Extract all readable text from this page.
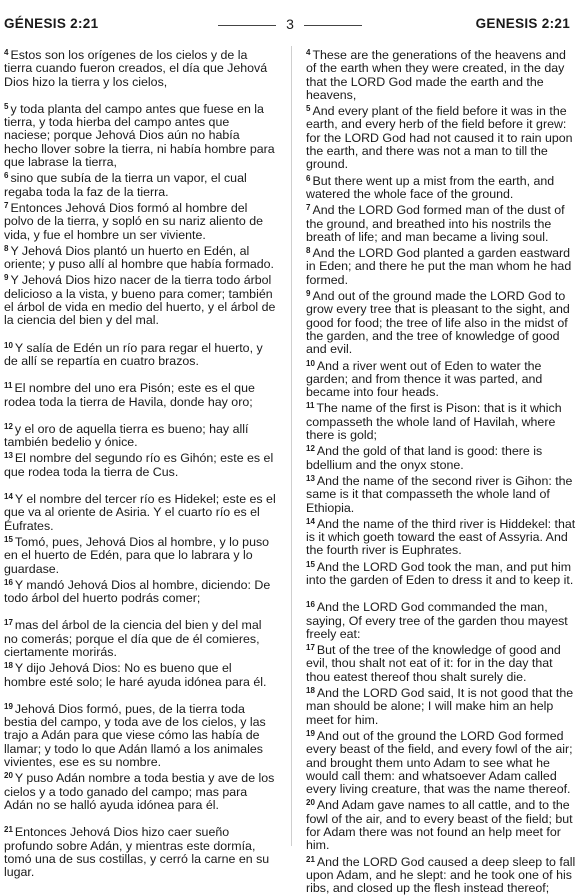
GÉNESIS 2:21	3	GENESIS 2:21

$^4$ Estos son los orígenes de los cielos y de la tierra cuando fueron creados, el día que Jehová Dios hizo la tierra y los cielos,

$^5$ y toda planta del campo antes que fuese en la tierra, y toda hierba del campo antes que naciese; porque Jehová Dios aún no había hecho llover sobre la tierra, ni había hombre para que labrase la tierra,

$^6$ sino que subía de la tierra un vapor, el cual regaba toda la faz de la tierra.

$^7$ Entonces Jehová Dios formó al hombre del polvo de la tierra, y sopló en su nariz aliento de vida, y fue el hombre un ser viviente.

$^8$ Y Jehová Dios plantó un huerto en Edén, al oriente; y puso allí al hombre que había formado.

$^9$ Y Jehová Dios hizo nacer de la tierra todo árbol delicioso a la vista, y bueno para comer; también el árbol de vida en medio del huerto, y el árbol de la ciencia del bien y del mal.

$^{10}$ Y salía de Edén un río para regar el huerto, y de allí se repartía en cuatro brazos.

$^{11}$ El nombre del uno era Pisón; este es el que rodea toda la tierra de Havila, donde hay oro;

$^{12}$ y el oro de aquella tierra es bueno; hay allí también bedelio y ónice.

$^{13}$ El nombre del segundo río es Gihón; este es el que rodea toda la tierra de Cus.

$^{14}$ Y el nombre del tercer río es Hidekel; este es el que va al oriente de Asiria. Y el cuarto río es el Éufrates.

$^{15}$ Tomó, pues, Jehová Dios al hombre, y lo puso en el huerto de Edén, para que lo labrara y lo guardase.

$^{16}$ Y mandó Jehová Dios al hombre, diciendo: De todo árbol del huerto podrás comer;

$^{17}$ mas del árbol de la ciencia del bien y del mal no comerás; porque el día que de él comieres, ciertamente morirás.

$^{18}$ Y dijo Jehová Dios: No es bueno que el hombre esté solo; le haré ayuda idónea para él.

$^{19}$ Jehová Dios formó, pues, de la tierra toda bestia del campo, y toda ave de los cielos, y las trajo a Adán para que viese cómo las había de llamar; y todo lo que Adán llamó a los animales vivientes, ese es su nombre.

$^{20}$ Y puso Adán nombre a toda bestia y ave de los cielos y a todo ganado del campo; mas para Adán no se halló ayuda idónea para él.

$^{21}$ Entonces Jehová Dios hizo caer sueño profundo sobre Adán, y mientras este dormía, tomó una de sus costillas, y cerró la carne en su lugar.

$^4$ These are the generations of the heavens and of the earth when they were created, in the day that the LORD God made the earth and the heavens,

$^5$ And every plant of the field before it was in the earth, and every herb of the field before it grew: for the LORD God had not caused it to rain upon the earth, and there was not a man to till the ground.

$^6$ But there went up a mist from the earth, and watered the whole face of the ground.

$^7$ And the LORD God formed man of the dust of the ground, and breathed into his nostrils the breath of life; and man became a living soul.

$^8$ And the LORD God planted a garden eastward in Eden; and there he put the man whom he had formed.

$^9$ And out of the ground made the LORD God to grow every tree that is pleasant to the sight, and good for food; the tree of life also in the midst of the garden, and the tree of knowledge of good and evil.

$^{10}$ And a river went out of Eden to water the garden; and from thence it was parted, and became into four heads.

$^{11}$ The name of the first is Pison: that is it which compasseth the whole land of Havilah, where there is gold;

$^{12}$ And the gold of that land is good: there is bdellium and the onyx stone.

$^{13}$ And the name of the second river is Gihon: the same is it that compasseth the whole land of Ethiopia.

$^{14}$ And the name of the third river is Hiddekel: that is it which goeth toward the east of Assyria. And the fourth river is Euphrates.

$^{15}$ And the LORD God took the man, and put him into the garden of Eden to dress it and to keep it.

$^{16}$ And the LORD God commanded the man, saying, Of every tree of the garden thou mayest freely eat:

$^{17}$ But of the tree of the knowledge of good and evil, thou shalt not eat of it: for in the day that thou eatest thereof thou shalt surely die.

$^{18}$ And the LORD God said, It is not good that the man should be alone; I will make him an help meet for him.

$^{19}$ And out of the ground the LORD God formed every beast of the field, and every fowl of the air; and brought them unto Adam to see what he would call them: and whatsoever Adam called every living creature, that was the name thereof.

$^{20}$ And Adam gave names to all cattle, and to the fowl of the air, and to every beast of the field; but for Adam there was not found an help meet for him.

$^{21}$ And the LORD God caused a deep sleep to fall upon Adam, and he slept: and he took one of his ribs, and closed up the flesh instead thereof;
